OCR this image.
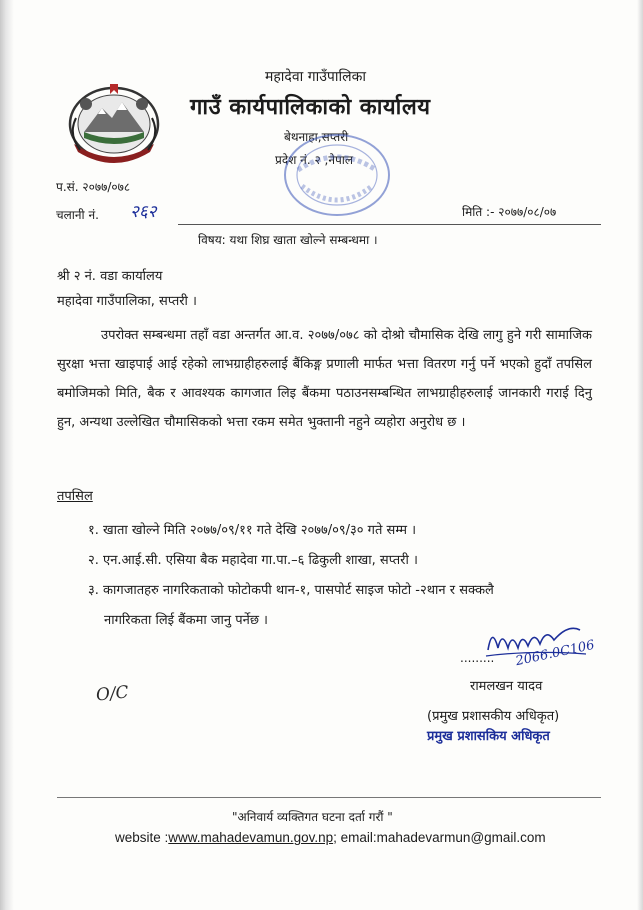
महादेवा गाउँपालिका
गाउँ कार्यपालिकाको कार्यालय
बेथनाहा,सप्तरी
प्रदेश नं. २ ,नेपाल
प.सं. २०७७/०७८
चलानी नं. २६२	मिति :- २०७७/०८/०७
विषय: यथा शिघ्र खाता खोल्ने सम्बन्धमा ।
श्री २ नं. वडा कार्यालय
महादेवा गाउँपालिका, सप्तरी ।
उपरोक्त सम्बन्धमा तहाँ वडा अन्तर्गत आ.व. २०७७/०७८ को दोश्रो चौमासिक देखि लागु हुने गरी सामाजिक सुरक्षा भत्ता खाइपाई आई रहेको लाभग्राहीहरुलाई बैंकिङ्ग प्रणाली मार्फत भत्ता वितरण गर्नु पर्ने भएको हुदाँ तपसिल बमोजिमको मिति, बैक र आवश्यक कागजात लिइ बैंकमा पठाउनसम्बन्धित लाभग्राहीहरुलाई जानकारी गराई दिनु हुन, अन्यथा उल्लेखित चौमासिकको भत्ता रकम समेत भुक्तानी नहुने व्यहोरा अनुरोध छ ।
तपसिल
१. खाता खोल्ने मिति २०७७/०९/११ गते देखि २०७७/०९/३० गते सम्म ।
२. एन.आई.सी. एसिया बैक महादेवा गा.पा.–६ ढिकुली शाखा, सप्तरी ।
३. कागजातहरु नागरिकताको फोटोकपी थान-१, पासपोर्ट साइज फोटो -२थान र सक्कलै
नागरिकता लिई बैंकमा जानु पर्नेछ ।
......... 2066.0C106
रामलखन यादव
(प्रमुख प्रशासकीय अधिकृत)
प्रमुख प्रशासकिय अधिकृत
O/C
"अनिवार्य व्यक्तिगत घटना दर्ता गरौं "
website :www.mahadevamun.gov.np; email:mahadevarmun@gmail.com
